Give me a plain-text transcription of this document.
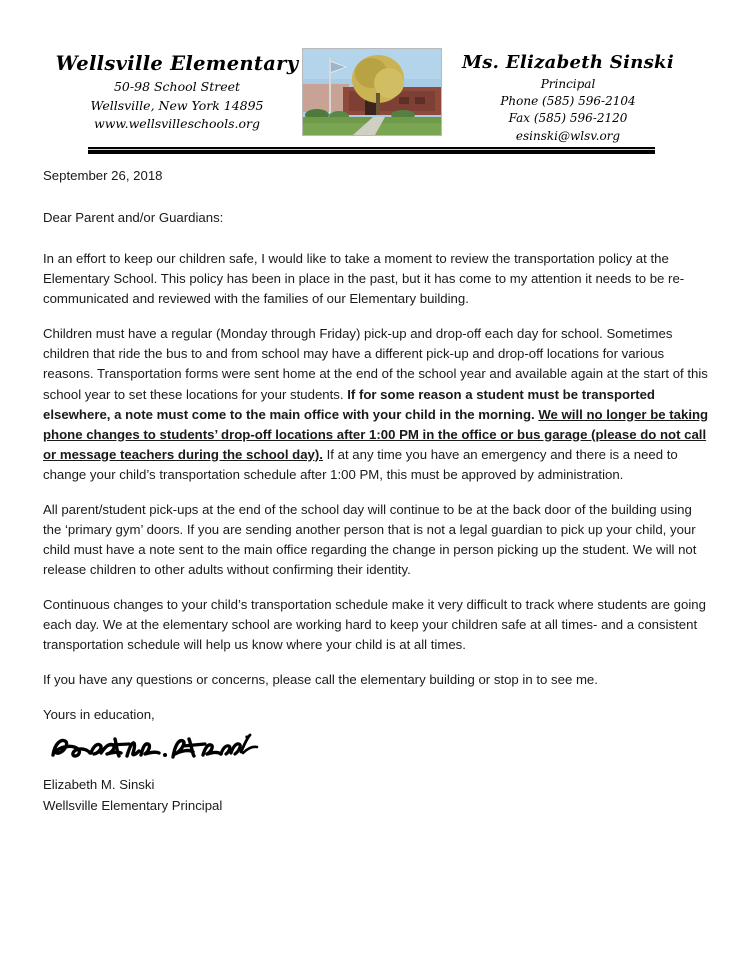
Wellsville Elementary
50-98 School Street
Wellsville, New York 14895
www.wellsvilleschools.org
Ms. Elizabeth Sinski
Principal
Phone (585) 596-2104
Fax (585) 596-2120
esinski@wlsv.org

September 26, 2018

Dear Parent and/or Guardians:

In an effort to keep our children safe, I would like to take a moment to review the transportation policy at the Elementary School. This policy has been in place in the past, but it has come to my attention it needs to be re-communicated and reviewed with the families of our Elementary building.

Children must have a regular (Monday through Friday) pick-up and drop-off each day for school. Sometimes children that ride the bus to and from school may have a different pick-up and drop-off locations for various reasons. Transportation forms were sent home at the end of the school year and available again at the start of this school year to set these locations for your students. If for some reason a student must be transported elsewhere, a note must come to the main office with your child in the morning. We will no longer be taking phone changes to students’ drop-off locations after 1:00 PM in the office or bus garage (please do not call or message teachers during the school day). If at any time you have an emergency and there is a need to change your child’s transportation schedule after 1:00 PM, this must be approved by administration.

All parent/student pick-ups at the end of the school day will continue to be at the back door of the building using the ‘primary gym’ doors. If you are sending another person that is not a legal guardian to pick up your child, your child must have a note sent to the main office regarding the change in person picking up the student. We will not release children to other adults without confirming their identity.

Continuous changes to your child’s transportation schedule make it very difficult to track where students are going each day. We at the elementary school are working hard to keep your children safe at all times- and a consistent transportation schedule will help us know where your child is at all times.

If you have any questions or concerns, please call the elementary building or stop in to see me.

Yours in education,

Elizabeth M. Sinski
Wellsville Elementary Principal
